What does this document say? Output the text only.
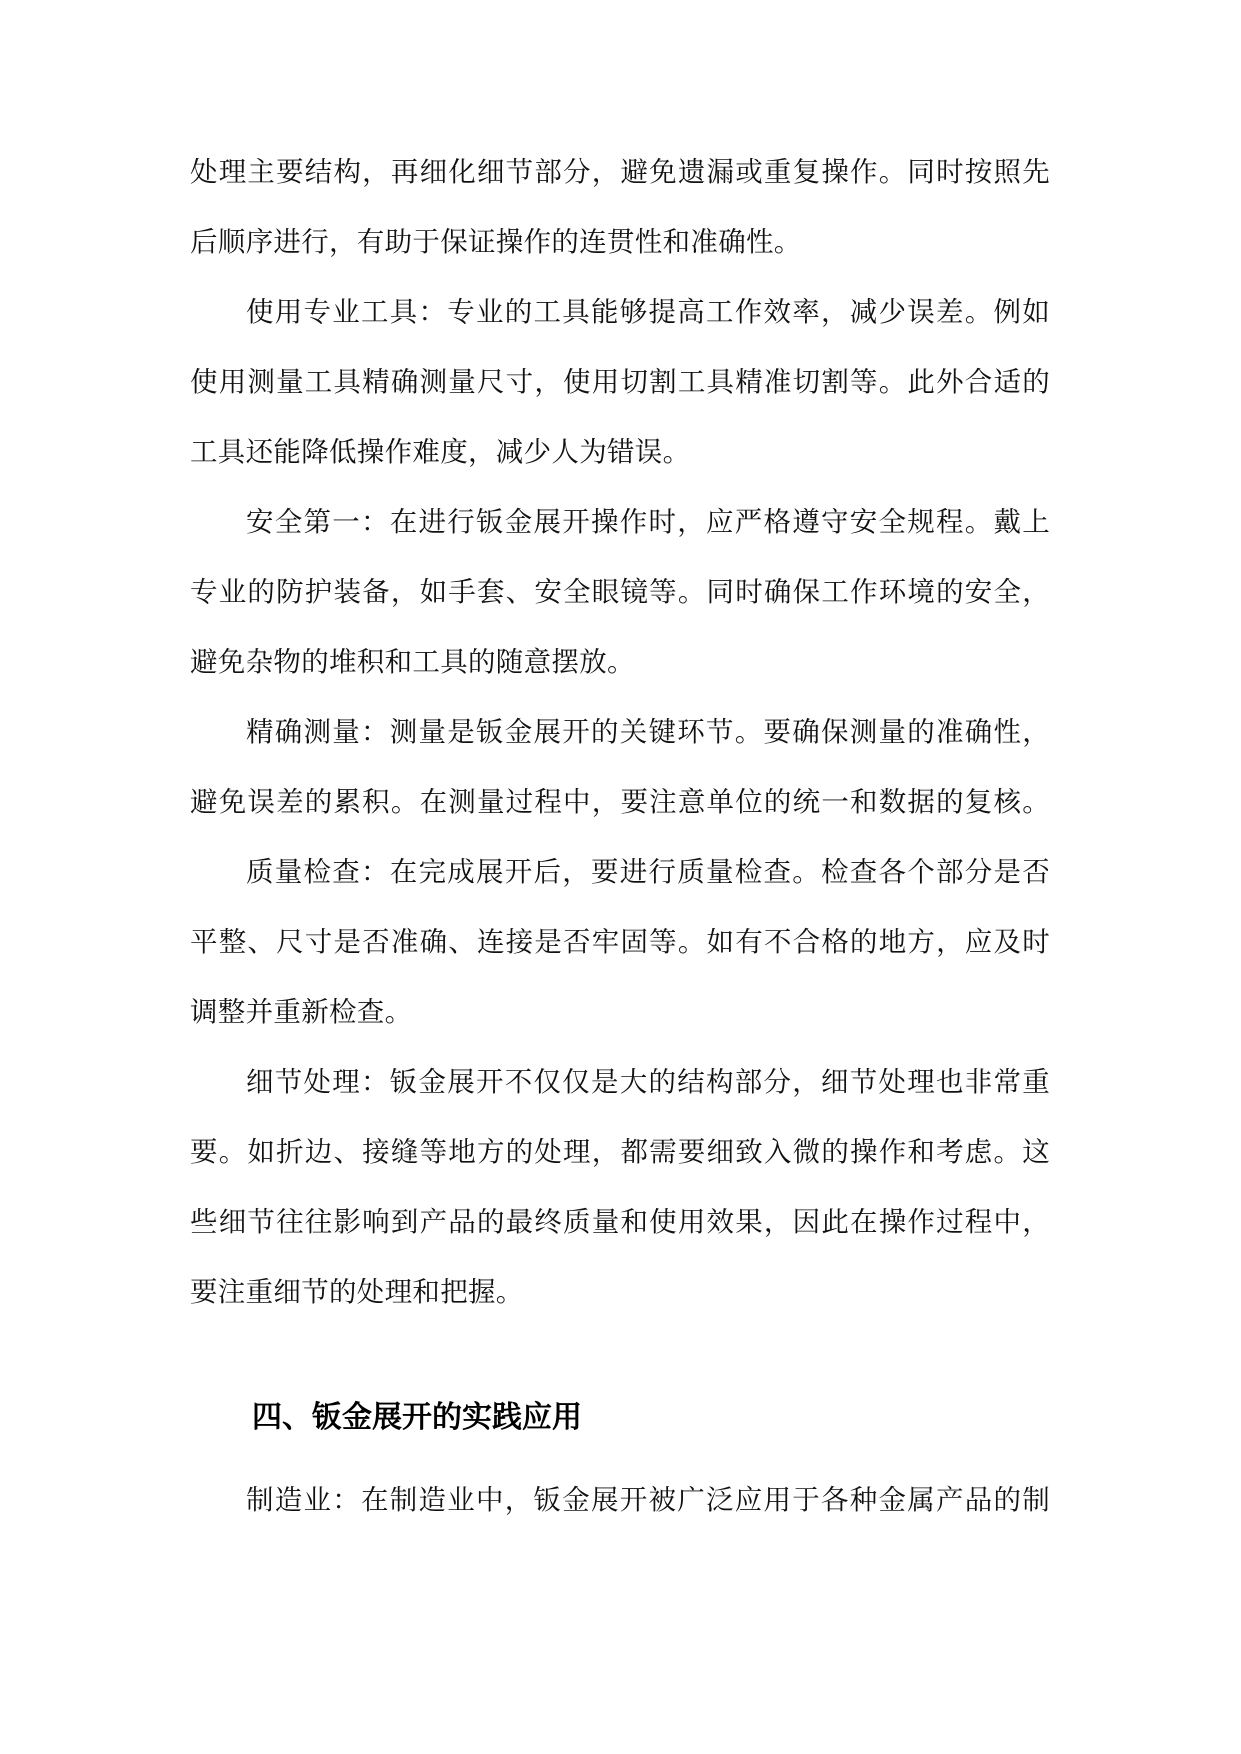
处理主要结构，再细化细节部分，避免遗漏或重复操作。同时按照先
后顺序进行，有助于保证操作的连贯性和准确性。
使用专业工具：专业的工具能够提高工作效率，减少误差。例如
使用测量工具精确测量尺寸，使用切割工具精准切割等。此外合适的
工具还能降低操作难度，减少人为错误。
安全第一：在进行钣金展开操作时，应严格遵守安全规程。戴上
专业的防护装备，如手套、安全眼镜等。同时确保工作环境的安全，
避免杂物的堆积和工具的随意摆放。
精确测量：测量是钣金展开的关键环节。要确保测量的准确性，
避免误差的累积。在测量过程中，要注意单位的统一和数据的复核。
质量检查：在完成展开后，要进行质量检查。检查各个部分是否
平整、尺寸是否准确、连接是否牢固等。如有不合格的地方，应及时
调整并重新检查。
细节处理：钣金展开不仅仅是大的结构部分，细节处理也非常重
要。如折边、接缝等地方的处理，都需要细致入微的操作和考虑。这
些细节往往影响到产品的最终质量和使用效果，因此在操作过程中，
要注重细节的处理和把握。
四、钣金展开的实践应用
制造业：在制造业中，钣金展开被广泛应用于各种金属产品的制
